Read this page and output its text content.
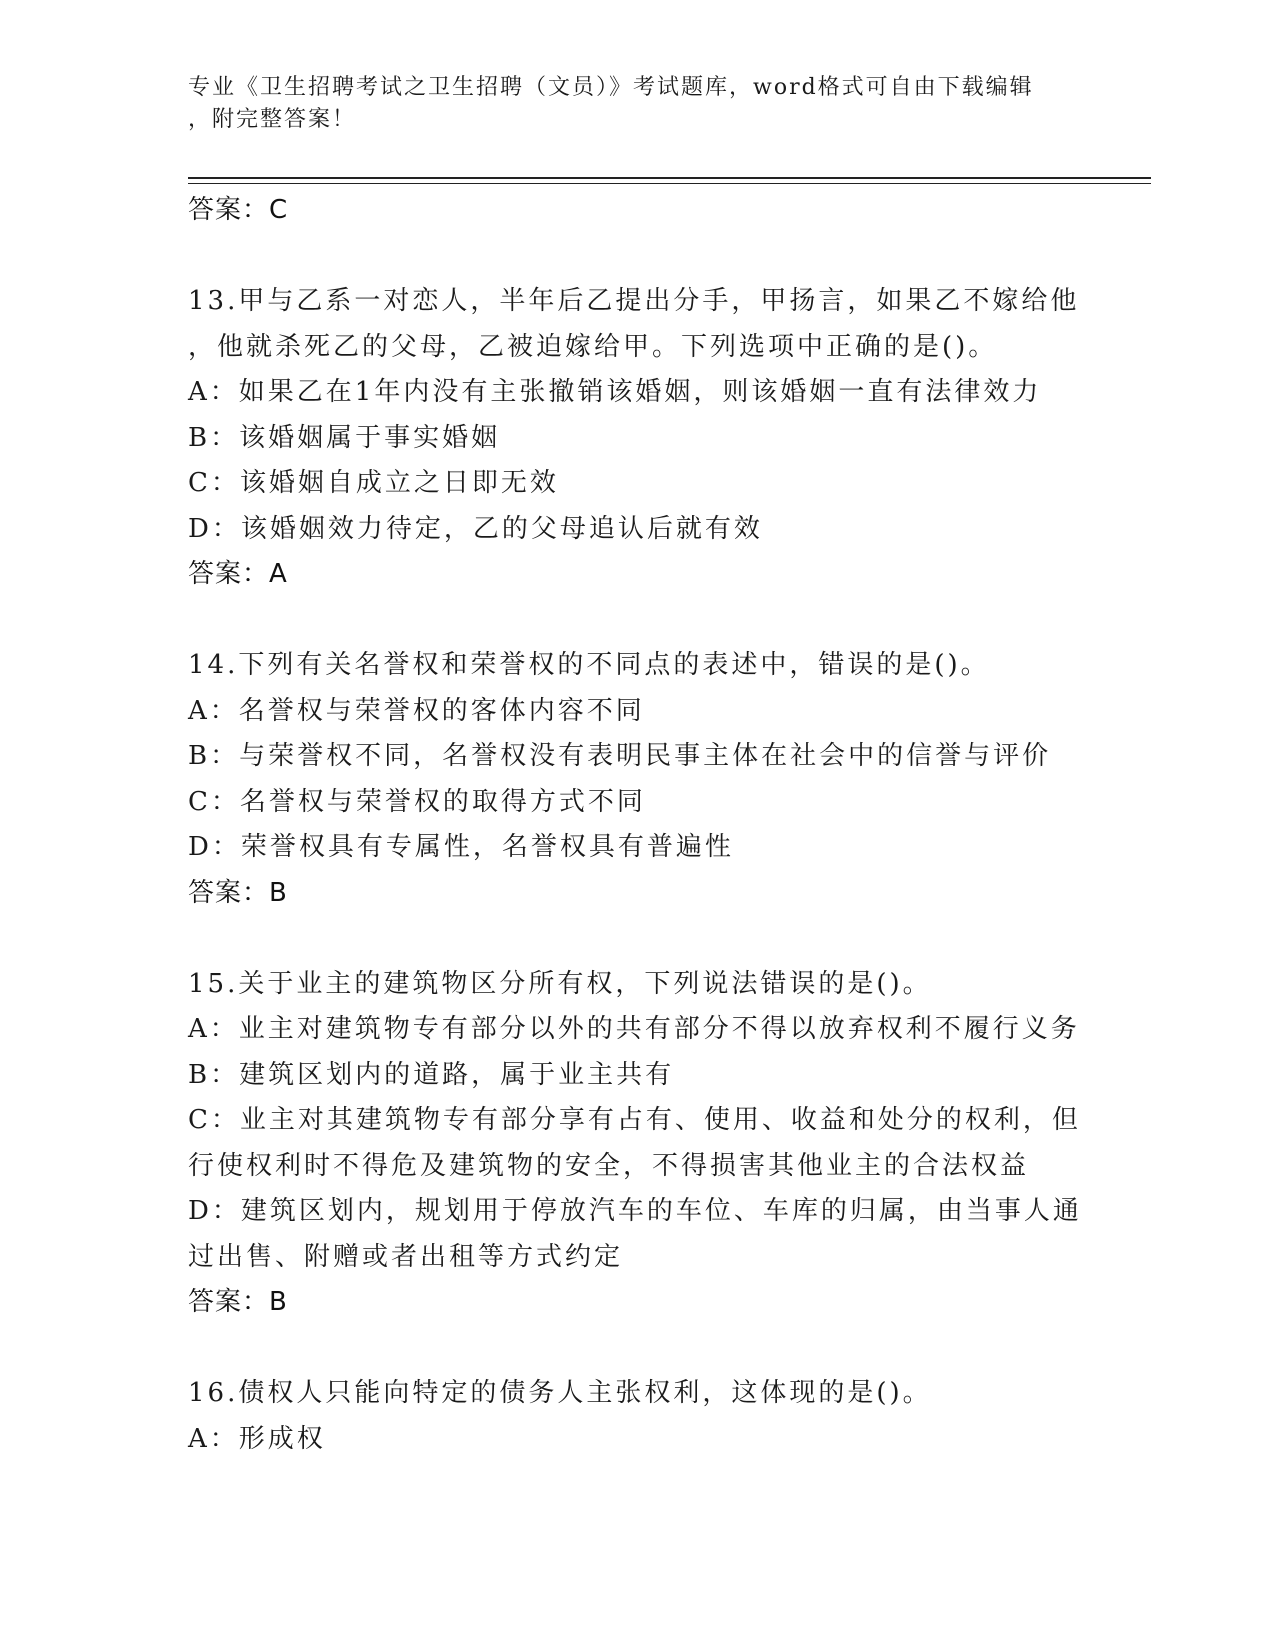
专业《卫生招聘考试之卫生招聘（文员）》考试题库，word格式可自由下载编辑
，附完整答案！
答案：C
13.甲与乙系一对恋人，半年后乙提出分手，甲扬言，如果乙不嫁给他
，他就杀死乙的父母，乙被迫嫁给甲。下列选项中正确的是()。
A：如果乙在1年内没有主张撤销该婚姻，则该婚姻一直有法律效力
B：该婚姻属于事实婚姻
C：该婚姻自成立之日即无效
D：该婚姻效力待定，乙的父母追认后就有效
答案：A
14.下列有关名誉权和荣誉权的不同点的表述中，错误的是()。
A：名誉权与荣誉权的客体内容不同
B：与荣誉权不同，名誉权没有表明民事主体在社会中的信誉与评价
C：名誉权与荣誉权的取得方式不同
D：荣誉权具有专属性，名誉权具有普遍性
答案：B
15.关于业主的建筑物区分所有权，下列说法错误的是()。
A：业主对建筑物专有部分以外的共有部分不得以放弃权利不履行义务
B：建筑区划内的道路，属于业主共有
C：业主对其建筑物专有部分享有占有、使用、收益和处分的权利，但
行使权利时不得危及建筑物的安全，不得损害其他业主的合法权益
D：建筑区划内，规划用于停放汽车的车位、车库的归属，由当事人通
过出售、附赠或者出租等方式约定
答案：B
16.债权人只能向特定的债务人主张权利，这体现的是()。
A：形成权
